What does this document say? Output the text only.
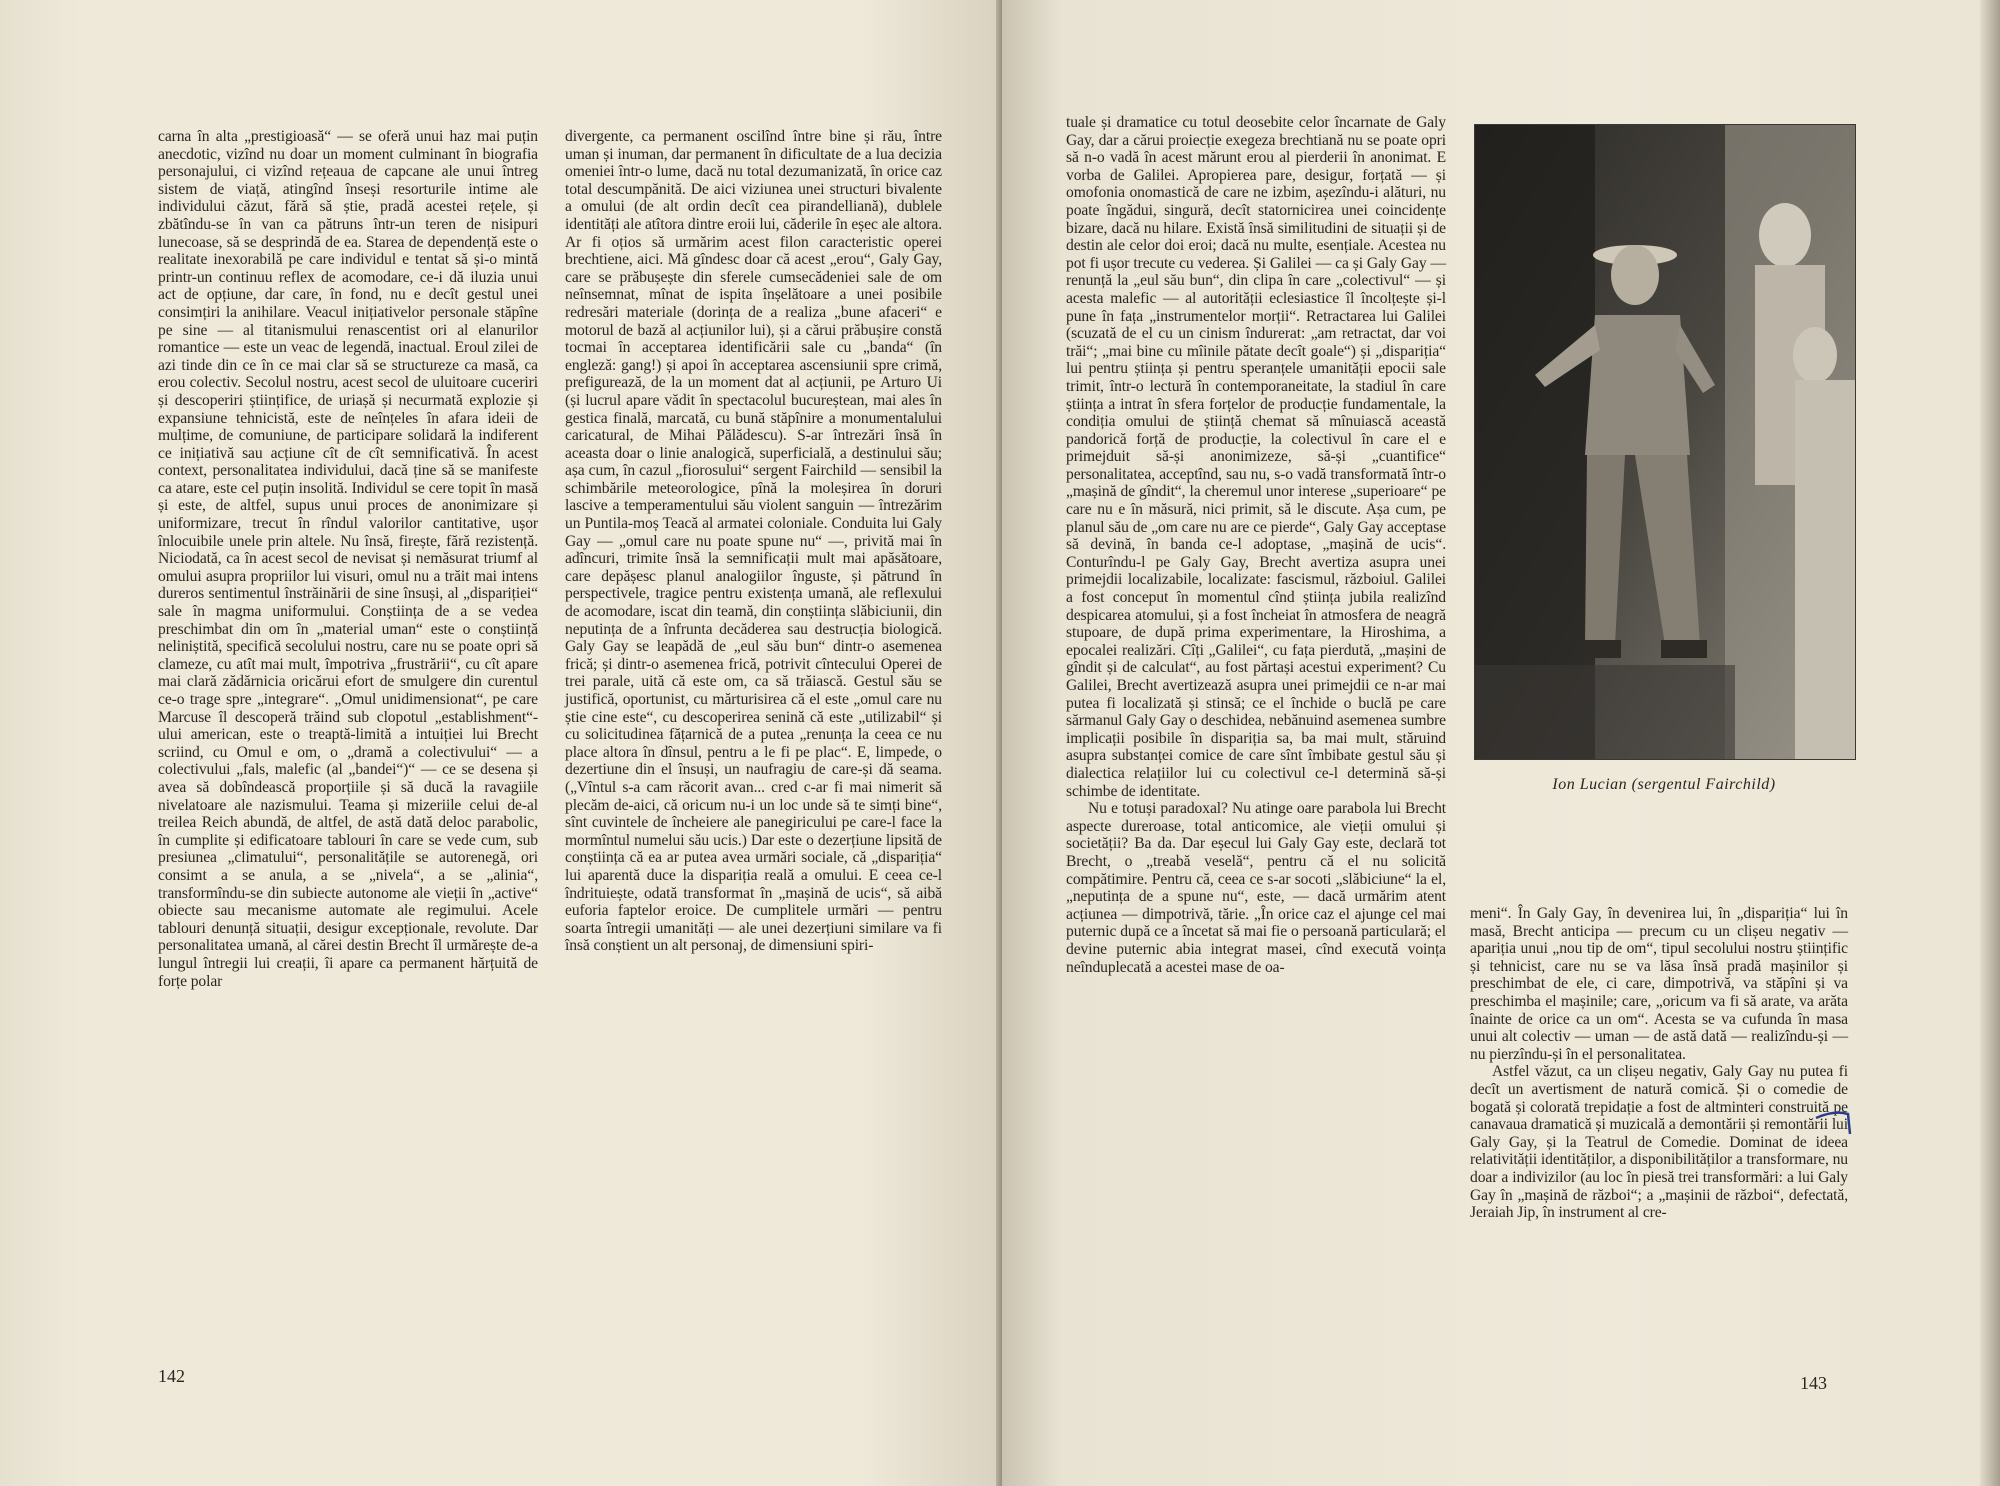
carna în alta „prestigioasă“ — se oferă unui haz mai puțin anecdotic, vizînd nu doar un moment culminant în biografia personajului, ci vizînd rețeaua de capcane ale unui întreg sistem de viață, atingînd înseși resorturile intime ale individului căzut, fără să știe, pradă acestei rețele, și zbătîndu-se în van ca pătruns într-un teren de nisipuri lunecoase, să se desprindă de ea. Starea de dependență este o realitate inexorabilă pe care individul e tentat să și-o mintă printr-un continuu reflex de acomodare, ce-i dă iluzia unui act de opțiune, dar care, în fond, nu e decît gestul unei consimțiri la anihilare. Veacul inițiativelor personale stăpîne pe sine — al titanismului renascentist ori al elanurilor romantice — este un veac de legendă, inactual. Eroul zilei de azi tinde din ce în ce mai clar să se structureze ca masă, ca erou colectiv. Secolul nostru, acest secol de uluitoare cuceriri și descoperiri științifice, de uriașă și necurmată explozie și expansiune tehnicistă, este de neînțeles în afara ideii de mulțime, de comuniune, de participare solidară la indiferent ce inițiativă sau acțiune cît de cît semnificativă. În acest context, personalitatea individului, dacă ține să se manifeste ca atare, este cel puțin insolită. Individul se cere topit în masă și este, de altfel, supus unui proces de anonimizare și uniformizare, trecut în rîndul valorilor cantitative, ușor înlocuibile unele prin altele. Nu însă, firește, fără rezistență. Niciodată, ca în acest secol de nevisat și nemăsurat triumf al omului asupra propriilor lui visuri, omul nu a trăit mai intens dureros sentimentul înstrăinării de sine însuși, al „dispariției“ sale în magma uniformului. Conștiința de a se vedea preschimbat din om în „material uman“ este o conștiință neliniștită, specifică secolului nostru, care nu se poate opri să clameze, cu atît mai mult, împotriva „frustrării“, cu cît apare mai clară zădărnicia oricărui efort de smulgere din curentul ce-o trage spre „integrare“. „Omul unidimensionat“, pe care Marcuse îl descoperă trăind sub clopotul „establishment“-ului american, este o treaptă-limită a intuiției lui Brecht scriind, cu Omul e om, o „dramă a colectivului“ — a colectivului „fals, malefic (al „bandei“)“ — ce se desena și avea să dobîndească proporțiile și să ducă la ravagiile nivelatoare ale nazismului. Teama și mizeriile celui de-al treilea Reich abundă, de altfel, de astă dată deloc parabolic, în cumplite și edificatoare tablouri în care se vede cum, sub presiunea „climatului“, personalitățile se autorenegă, ori consimt a se anula, a se „nivela“, a se „alinia“, transformîndu-se din subiecte autonome ale vieții în „active“ obiecte sau mecanisme automate ale regimului. Acele tablouri denunță situații, desigur excepționale, revolute. Dar personalitatea umană, al cărei destin Brecht îl urmărește de-a lungul întregii lui creații, îi apare ca permanent hărțuită de forțe polar

divergente, ca permanent oscilînd între bine și rău, între uman și inuman, dar permanent în dificultate de a lua decizia omeniei într-o lume, dacă nu total dezumanizată, în orice caz total descumpănită. De aici viziunea unei structuri bivalente a omului (de alt ordin decît cea pirandelliană), dublele identități ale atîtora dintre eroii lui, căderile în eșec ale altora. Ar fi oțios să urmărim acest filon caracteristic operei brechtiene, aici. Mă gîndesc doar că acest „erou“, Galy Gay, care se prăbușește din sferele cumsecădeniei sale de om neînsemnat, mînat de ispita înșelătoare a unei posibile redresări materiale (dorința de a realiza „bune afaceri“ e motorul de bază al acțiunilor lui), și a cărui prăbușire constă tocmai în acceptarea identificării sale cu „banda“ (în engleză: gang!) și apoi în acceptarea ascensiunii spre crimă, prefigurează, de la un moment dat al acțiunii, pe Arturo Ui (și lucrul apare vădit în spectacolul bucureștean, mai ales în gestica finală, marcată, cu bună stăpînire a monumentalului caricatural, de Mihai Pălădescu). S-ar întrezări însă în aceasta doar o linie analogică, superficială, a destinului său; așa cum, în cazul „fiorosului“ sergent Fairchild — sensibil la schimbările meteorologice, pînă la moleșirea în doruri lascive a temperamentului său violent sanguin — întrezărim un Puntila-moș Teacă al armatei coloniale. Conduita lui Galy Gay — „omul care nu poate spune nu“ —, privită mai în adîncuri, trimite însă la semnificații mult mai apăsătoare, care depășesc planul analogiilor înguste, și pătrund în perspectivele, tragice pentru existența umană, ale reflexului de acomodare, iscat din teamă, din conștiința slăbiciunii, din neputința de a înfrunta decăderea sau destrucția biologică. Galy Gay se leapădă de „eul său bun“ dintr-o asemenea frică; și dintr-o asemenea frică, potrivit cîntecului Operei de trei parale, uită că este om, ca să trăiască. Gestul său se justifică, oportunist, cu mărturisirea că el este „omul care nu știe cine este“, cu descoperirea senină că este „utilizabil“ și cu solicitudinea fățarnică de a putea „renunța la ceea ce nu place altora în dînsul, pentru a le fi pe plac“. E, limpede, o dezertiune din el însuși, un naufragiu de care-și dă seama. („Vîntul s-a cam răcorit avan... cred c-ar fi mai nimerit să plecăm de-aici, că oricum nu-i un loc unde să te simți bine“, sînt cuvintele de încheiere ale panegiricului pe care-l face la mormîntul numelui său ucis.) Dar este o dezerțiune lipsită de conștiința că ea ar putea avea urmări sociale, că „dispariția“ lui aparentă duce la dispariția reală a omului. E ceea ce-l îndrituiește, odată transformat în „mașină de ucis“, să aibă euforia faptelor eroice. De cumplitele urmări — pentru soarta întregii umanități — ale unei dezerțiuni similare va fi însă conștient un alt personaj, de dimensiuni spiri-

142

tuale și dramatice cu totul deosebite celor încarnate de Galy Gay, dar a cărui proiecție exegeza brechtiană nu se poate opri să n-o vadă în acest mărunt erou al pierderii în anonimat. E vorba de Galilei. Apropierea pare, desigur, forțată — și omofonia onomastică de care ne izbim, așezîndu-i alături, nu poate îngădui, singură, decît statornicirea unei coincidențe bizare, dacă nu hilare. Există însă similitudini de situații și de destin ale celor doi eroi; dacă nu multe, esențiale. Acestea nu pot fi ușor trecute cu vederea. Și Galilei — ca și Galy Gay — renunță la „eul său bun“, din clipa în care „colectivul“ — și acesta malefic — al autorității eclesiastice îl încolțește și-l pune în fața „instrumentelor morții“. Retractarea lui Galilei (scuzată de el cu un cinism îndurerat: „am retractat, dar voi trăi“; „mai bine cu mîinile pătate decît goale“) și „dispariția“ lui pentru știința și pentru speranțele umanității epocii sale trimit, într-o lectură în contemporaneitate, la stadiul în care știința a intrat în sfera forțelor de producție fundamentale, la condiția omului de știință chemat să mînuiască această pandorică forță de producție, la colectivul în care el e primejduit să-și anonimizeze, să-și „cuantifice“ personalitatea, acceptînd, sau nu, s-o vadă transformată într-o „mașină de gîndit“, la cheremul unor interese „superioare“ pe care nu e în măsură, nici primit, să le discute. Așa cum, pe planul său de „om care nu are ce pierde“, Galy Gay acceptase să devină, în banda ce-l adoptase, „mașină de ucis“. Conturîndu-l pe Galy Gay, Brecht avertiza asupra unei primejdii localizabile, localizate: fascismul, războiul. Galilei a fost conceput în momentul cînd știința jubila realizînd despicarea atomului, și a fost încheiat în atmosfera de neagră stupoare, de după prima experimentare, la Hiroshima, a epocalei realizări. Cîți „Galilei“, cu fața pierdută, „mașini de gîndit și de calculat“, au fost părtași acestui experiment? Cu Galilei, Brecht avertizează asupra unei primejdii ce n-ar mai putea fi localizată și stinsă; ce el închide o buclă pe care sărmanul Galy Gay o deschidea, nebănuind asemenea sumbre implicații posibile în dispariția sa, ba mai mult, stăruind asupra substanței comice de care sînt îmbibate gestul său și dialectica relațiilor lui cu colectivul ce-l determină să-și schimbe de identitate.

Nu e totuși paradoxal? Nu atinge oare parabola lui Brecht aspecte dureroase, total anticomice, ale vieții omului și societății? Ba da. Dar eșecul lui Galy Gay este, declară tot Brecht, o „treabă veselă“, pentru că el nu solicită compătimire. Pentru că, ceea ce s-ar socoti „slăbiciune“ la el, „neputința de a spune nu“, este, — dacă urmărim atent acțiunea — dimpotrivă, tărie. „În orice caz el ajunge cel mai puternic după ce a încetat să mai fie o persoană particulară; el devine puternic abia integrat masei, cînd execută voința neînduplecată a acestei mase de oa-

Ion Lucian (sergentul Fairchild)

meni“. În Galy Gay, în devenirea lui, în „dispariția“ lui în masă, Brecht anticipa — precum cu un clișeu negativ — apariția unui „nou tip de om“, tipul secolului nostru științific și tehnicist, care nu se va lăsa însă pradă mașinilor și preschimbat de ele, ci care, dimpotrivă, va stăpîni și va preschimba el mașinile; care, „oricum va fi să arate, va arăta înainte de orice ca un om“. Acesta se va cufunda în masa unui alt colectiv — uman — de astă dată — realizîndu-și — nu pierzîndu-și în el personalitatea.

Astfel văzut, ca un clișeu negativ, Galy Gay nu putea fi decît un avertisment de natură comică. Și o comedie de bogată și colorată trepidație a fost de altminteri construită pe canavaua dramatică și muzicală a demontării și remontării lui Galy Gay, și la Teatrul de Comedie. Dominat de ideea relativității identităților, a disponibilităților a transformare, nu doar a indivizilor (au loc în piesă trei transformări: a lui Galy Gay în „mașină de război“; a „mașinii de război“, defectată, Jeraiah Jip, în instrument al cre-

143
